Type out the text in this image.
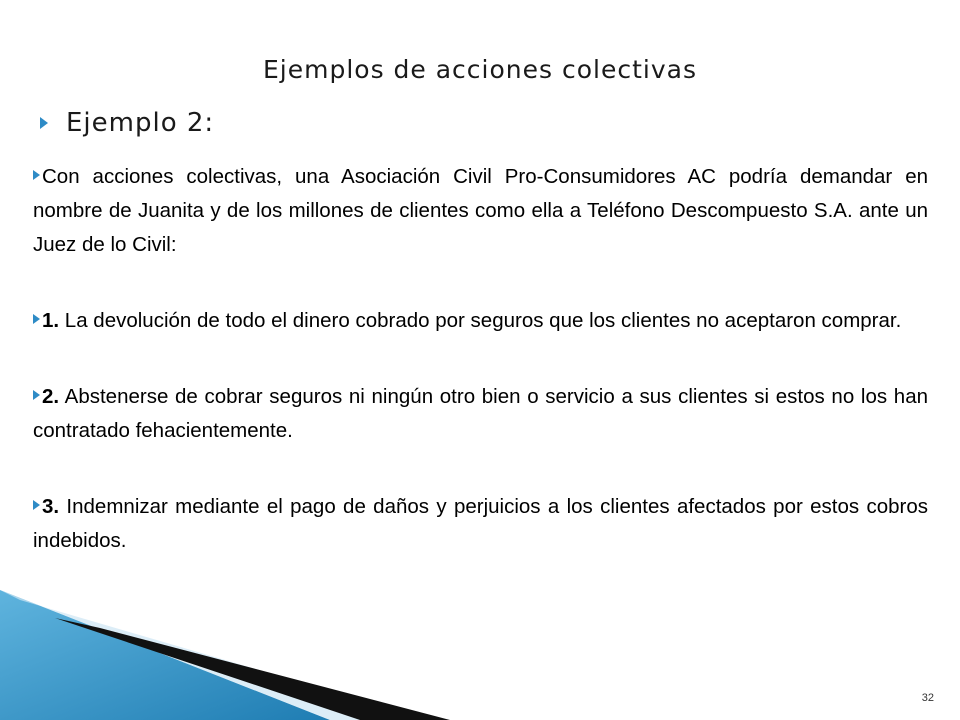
Ejemplos de acciones colectivas
Ejemplo 2:

Con acciones colectivas, una Asociación Civil Pro-Consumidores AC podría demandar en nombre de Juanita y de los millones de clientes como ella a Teléfono Descompuesto S.A. ante un Juez de lo Civil:

1. La devolución de todo el dinero cobrado por seguros que los clientes no aceptaron comprar.

2. Abstenerse de cobrar seguros ni ningún otro bien o servicio a sus clientes si estos no los han contratado fehacientemente.

3. Indemnizar mediante el pago de daños y perjuicios a los clientes afectados por estos cobros indebidos.

32
